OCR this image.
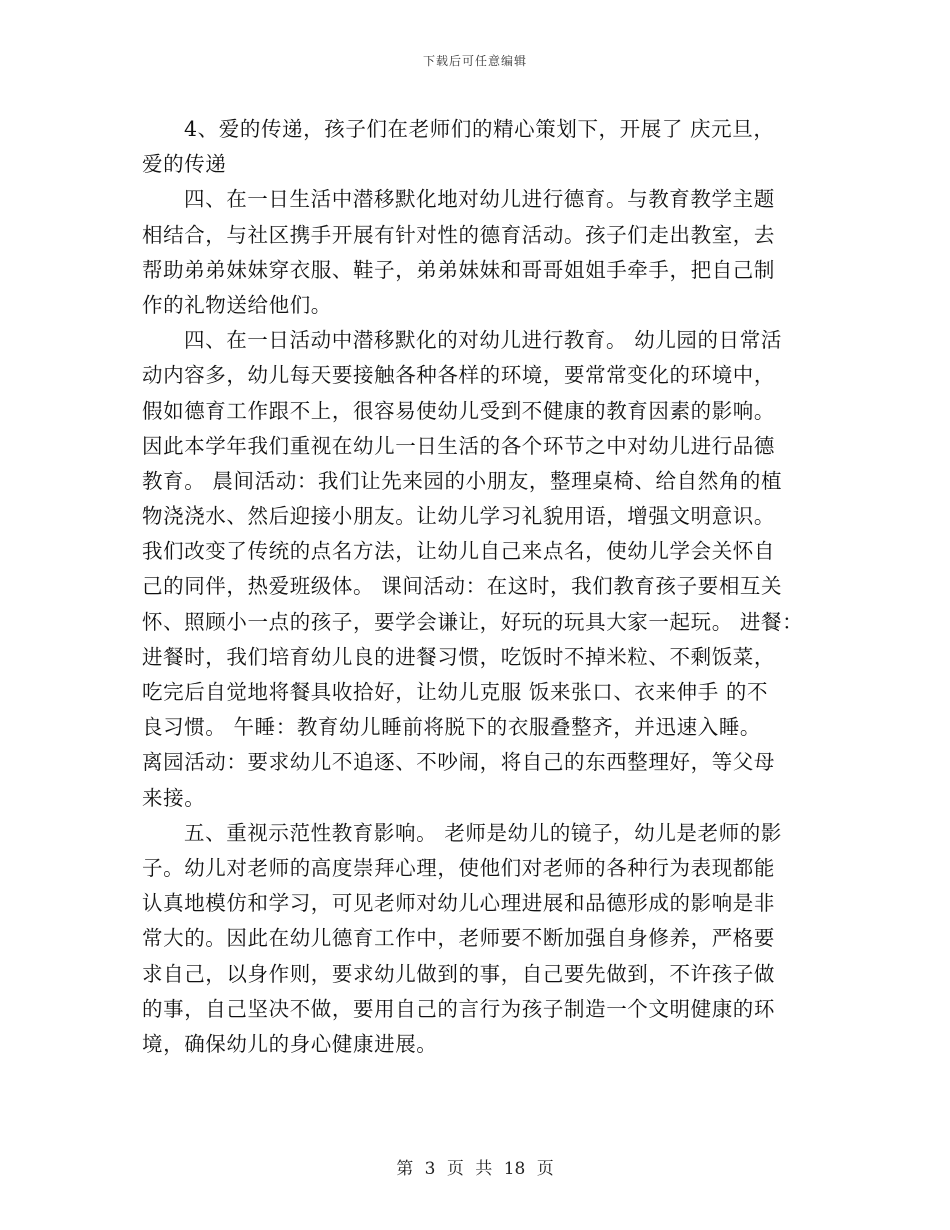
下载后可任意编辑
4、爱的传递，孩子们在老师们的精心策划下，开展了 庆元旦，
爱的传递
四、在一日生活中潜移默化地对幼儿进行德育。与教育教学主题
相结合，与社区携手开展有针对性的德育活动。孩子们走出教室，去
帮助弟弟妹妹穿衣服、鞋子，弟弟妹妹和哥哥姐姐手牵手，把自己制
作的礼物送给他们。
四、在一日活动中潜移默化的对幼儿进行教育。 幼儿园的日常活
动内容多，幼儿每天要接触各种各样的环境，要常常变化的环境中，
假如德育工作跟不上，很容易使幼儿受到不健康的教育因素的影响。
因此本学年我们重视在幼儿一日生活的各个环节之中对幼儿进行品德
教育。 晨间活动：我们让先来园的小朋友，整理桌椅、给自然角的植
物浇浇水、然后迎接小朋友。让幼儿学习礼貌用语，增强文明意识。
我们改变了传统的点名方法，让幼儿自己来点名，使幼儿学会关怀自
己的同伴，热爱班级体。 课间活动：在这时，我们教育孩子要相互关
怀、照顾小一点的孩子，要学会谦让，好玩的玩具大家一起玩。 进餐：
进餐时，我们培育幼儿良的进餐习惯，吃饭时不掉米粒、不剩饭菜，
吃完后自觉地将餐具收拾好，让幼儿克服 饭来张口、衣来伸手 的不
良习惯。 午睡：教育幼儿睡前将脱下的衣服叠整齐，并迅速入睡。
离园活动：要求幼儿不追逐、不吵闹，将自己的东西整理好，等父母
来接。
五、重视示范性教育影响。 老师是幼儿的镜子，幼儿是老师的影
子。幼儿对老师的高度崇拜心理，使他们对老师的各种行为表现都能
认真地模仿和学习，可见老师对幼儿心理进展和品德形成的影响是非
常大的。因此在幼儿德育工作中，老师要不断加强自身修养，严格要
求自己，以身作则，要求幼儿做到的事，自己要先做到，不许孩子做
的事，自己坚决不做，要用自己的言行为孩子制造一个文明健康的环
境，确保幼儿的身心健康进展。
第 3 页 共 18 页
